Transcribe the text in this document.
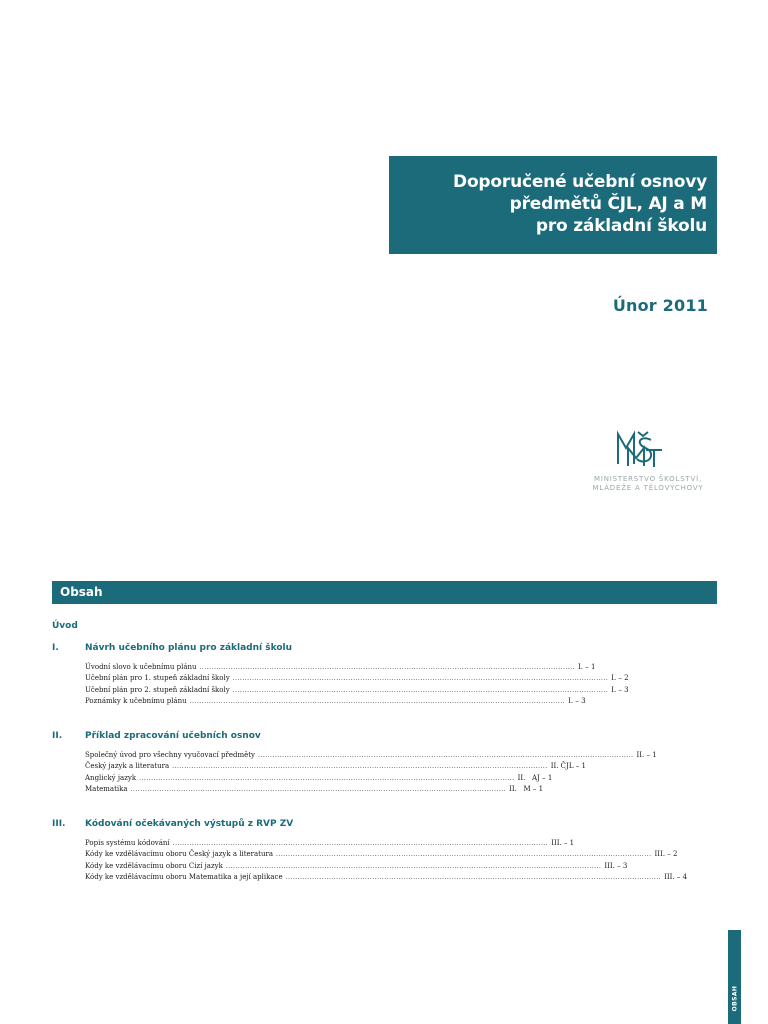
Doporučené učební osnovy
předmětů ČJL, AJ a M
pro základní školu
Únor 2011
MINISTERSTVO ŠKOLSTVÍ,
MLÁDEŽE A TĚLOVÝCHOVY
Obsah
Úvod
I.	Návrh učebního plánu pro základní školu
Úvodní slovo k učebnímu plánu ............................................................................................................................................................ I. – 1
Učební plán pro 1. stupeň základní školy ............................................................................................................................................................ I. – 2
Učební plán pro 2. stupeň základní školy ............................................................................................................................................................ I. – 3
Poznámky k učebnímu plánu ............................................................................................................................................................ I. – 3
II.	Příklad zpracování učebních osnov
Společný úvod pro všechny vyučovací předměty ............................................................................................................................................................ II. – 1
Český jazyk a literatura ............................................................................................................................................................ II. ČJL – 1
Anglický jazyk ............................................................................................................................................................ II.   AJ – 1
Matematika ............................................................................................................................................................ II.   M – 1
III. Kódování očekávaných výstupů z RVP ZV
Popis systému kódování ............................................................................................................................................................ III. – 1
Kódy ke vzdělávacímu oboru Český jazyk a literatura ............................................................................................................................................................ III. – 2
Kódy ke vzdělávacímu oboru Cizí jazyk ............................................................................................................................................................ III. – 3
Kódy ke vzdělávacímu oboru Matematika a její aplikace ............................................................................................................................................................ III. – 4
OBSAH
